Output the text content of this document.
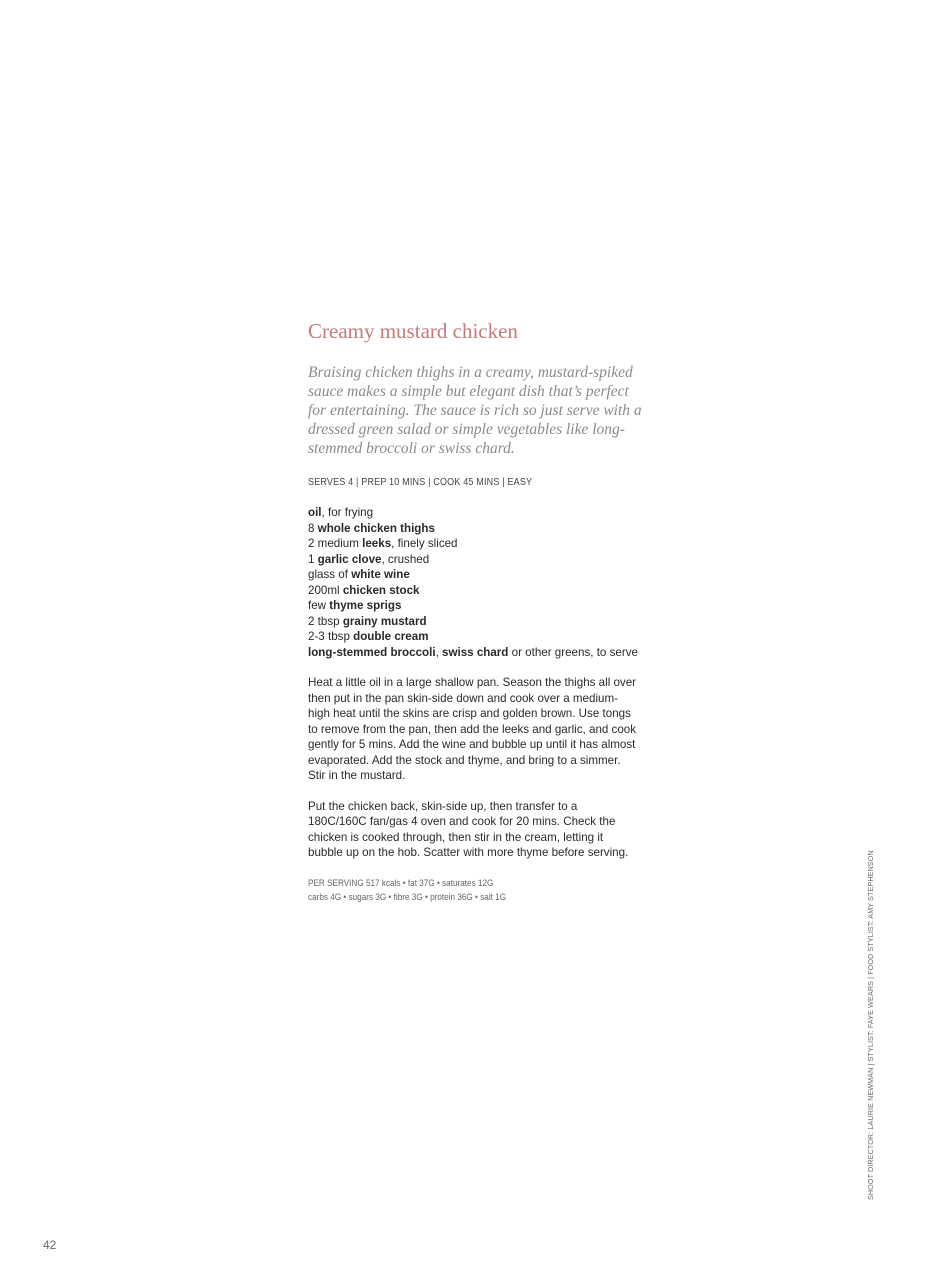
Creamy mustard chicken

Braising chicken thighs in a creamy, mustard-spiked sauce makes a simple but elegant dish that’s perfect for entertaining. The sauce is rich so just serve with a dressed green salad or simple vegetables like long-stemmed broccoli or swiss chard.

SERVES 4 | PREP 10 MINS | COOK 45 MINS | EASY
oil, for frying
8 whole chicken thighs
2 medium leeks, finely sliced
1 garlic clove, crushed
glass of white wine
200ml chicken stock
few thyme sprigs
2 tbsp grainy mustard
2-3 tbsp double cream
long-stemmed broccoli, swiss chard or other greens, to serve

Heat a little oil in a large shallow pan. Season the thighs all over then put in the pan skin-side down and cook over a medium-high heat until the skins are crisp and golden brown. Use tongs to remove from the pan, then add the leeks and garlic, and cook gently for 5 mins. Add the wine and bubble up until it has almost evaporated. Add the stock and thyme, and bring to a simmer. Stir in the mustard.

Put the chicken back, skin-side up, then transfer to a 180C/160C fan/gas 4 oven and cook for 20 mins. Check the chicken is cooked through, then stir in the cream, letting it bubble up on the hob. Scatter with more thyme before serving.

PER SERVING 517 kcals • fat 37G • saturates 12G
carbs 4G • sugars 3G • fibre 3G • protein 36G • salt 1G	SHOOT DIRECTOR: LAURIE NEWMAN | STYLIST: FAYE WEARS | FOOD STYLIST: AMY STEPHENSON
42
